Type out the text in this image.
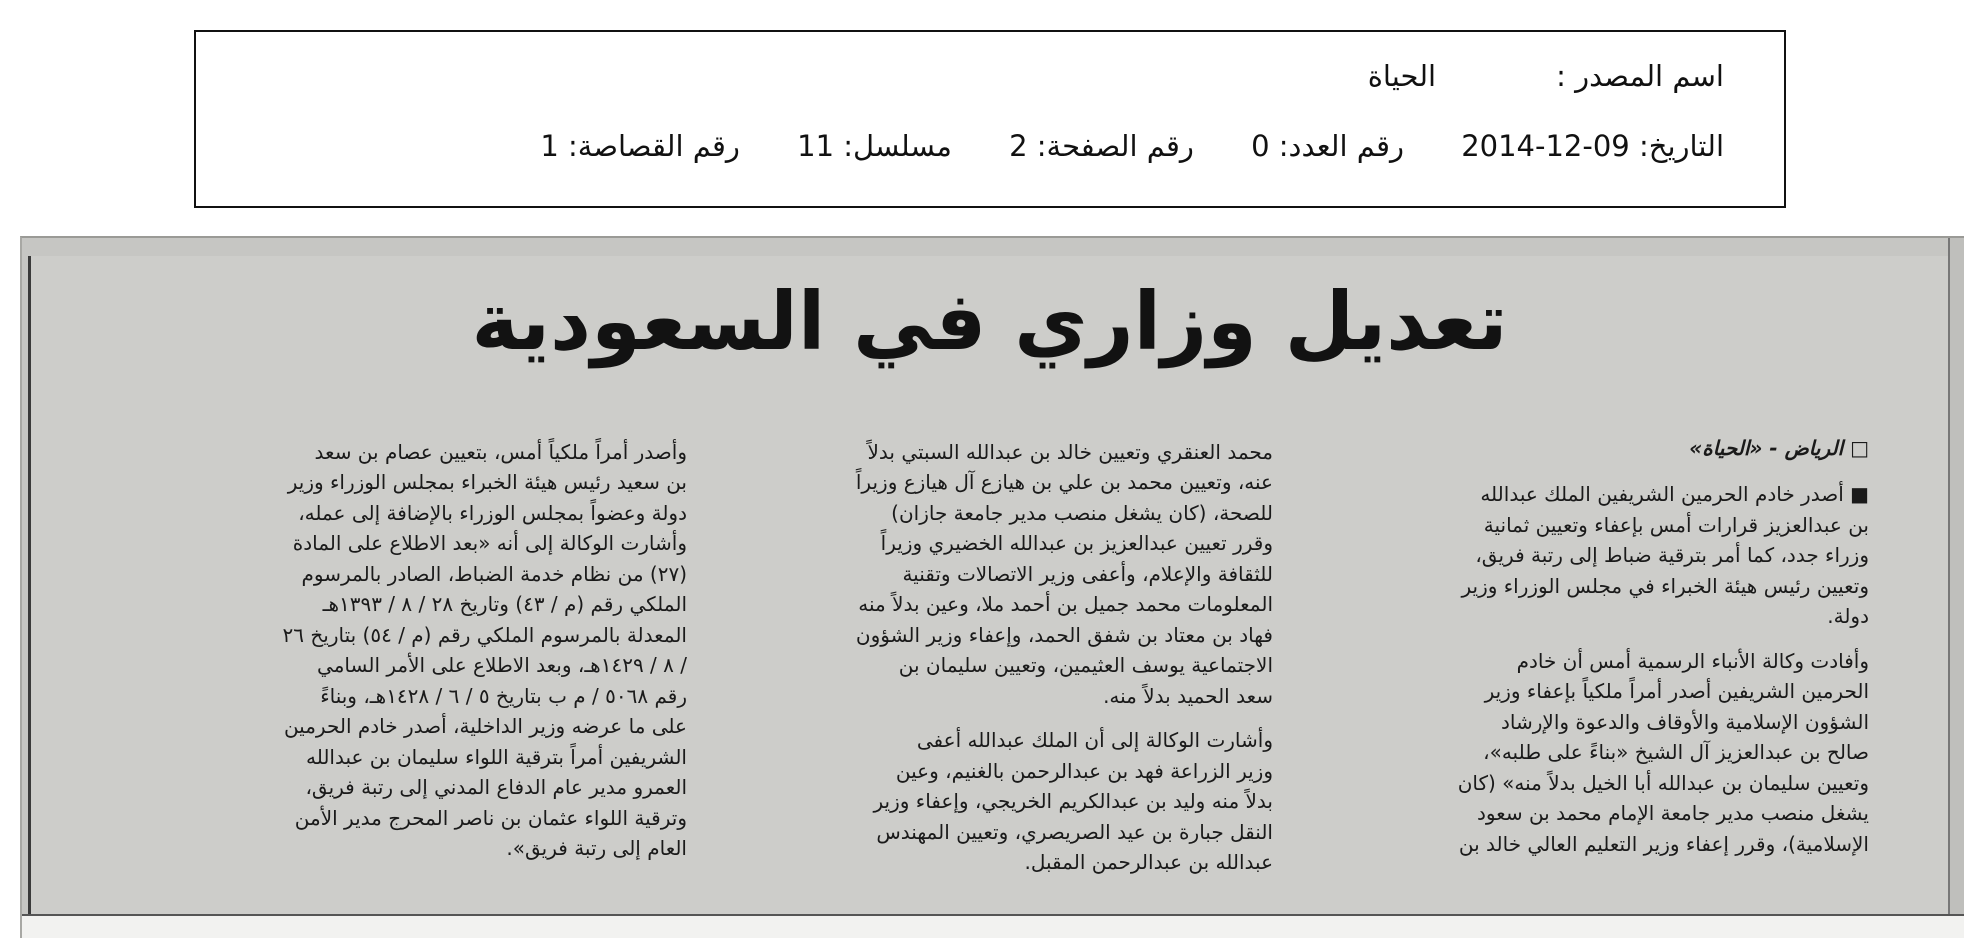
اسم المصدر :الحياة
التاريخ: 2014-12-09 رقم العدد: 0 رقم الصفحة: 2 مسلسل: 11 رقم القصاصة: 1
تعديل وزاري في السعودية

□ الرياض - «الحياة»
■ أصدر خادم الحرمين الشريفين الملك عبدالله
بن عبدالعزيز قرارات أمس بإعفاء وتعيين ثمانية
وزراء جدد، كما أمر بترقية ضباط إلى رتبة فريق،
وتعيين رئيس هيئة الخبراء في مجلس الوزراء وزير
دولة.
وأفادت وكالة الأنباء الرسمية أمس أن خادم
الحرمين الشريفين أصدر أمراً ملكياً بإعفاء وزير
الشؤون الإسلامية والأوقاف والدعوة والإرشاد
صالح بن عبدالعزيز آل الشيخ «بناءً على طلبه»،
وتعيين سليمان بن عبدالله أبا الخيل بدلاً منه» (كان
يشغل منصب مدير جامعة الإمام محمد بن سعود
الإسلامية)، وقرر إعفاء وزير التعليم العالي خالد بن

محمد العنقري وتعيين خالد بن عبدالله السبتي بدلاً
عنه، وتعيين محمد بن علي بن هيازع آل هيازع وزيراً
للصحة، (كان يشغل منصب مدير جامعة جازان)
وقرر تعيين عبدالعزيز بن عبدالله الخضيري وزيراً
للثقافة والإعلام، وأعفى وزير الاتصالات وتقنية
المعلومات محمد جميل بن أحمد ملا، وعين بدلاً منه
فهاد بن معتاد بن شفق الحمد، وإعفاء وزير الشؤون
الاجتماعية يوسف العثيمين، وتعيين سليمان بن
سعد الحميد بدلاً منه.
وأشارت الوكالة إلى أن الملك عبدالله أعفى
وزير الزراعة فهد بن عبدالرحمن بالغنيم، وعين
بدلاً منه وليد بن عبدالكريم الخريجي، وإعفاء وزير
النقل جبارة بن عيد الصريصري، وتعيين المهندس
عبدالله بن عبدالرحمن المقبل.

وأصدر أمراً ملكياً أمس، بتعيين عصام بن سعد
بن سعيد رئيس هيئة الخبراء بمجلس الوزراء وزير
دولة وعضواً بمجلس الوزراء بالإضافة إلى عمله،
وأشارت الوكالة إلى أنه «بعد الاطلاع على المادة
(٢٧) من نظام خدمة الضباط، الصادر بالمرسوم
الملكي رقم (م / ٤٣) وتاريخ ٢٨ / ٨ / ١٣٩٣هـ
المعدلة بالمرسوم الملكي رقم (م / ٥٤) بتاريخ ٢٦
/ ٨ / ١٤٢٩هـ، وبعد الاطلاع على الأمر السامي
رقم ٥٠٦٨ / م ب بتاريخ ٥ / ٦ / ١٤٢٨هـ، وبناءً
على ما عرضه وزير الداخلية، أصدر خادم الحرمين
الشريفين أمراً بترقية اللواء سليمان بن عبدالله
العمرو مدير عام الدفاع المدني إلى رتبة فريق،
وترقية اللواء عثمان بن ناصر المحرج مدير الأمن
العام إلى رتبة فريق».
